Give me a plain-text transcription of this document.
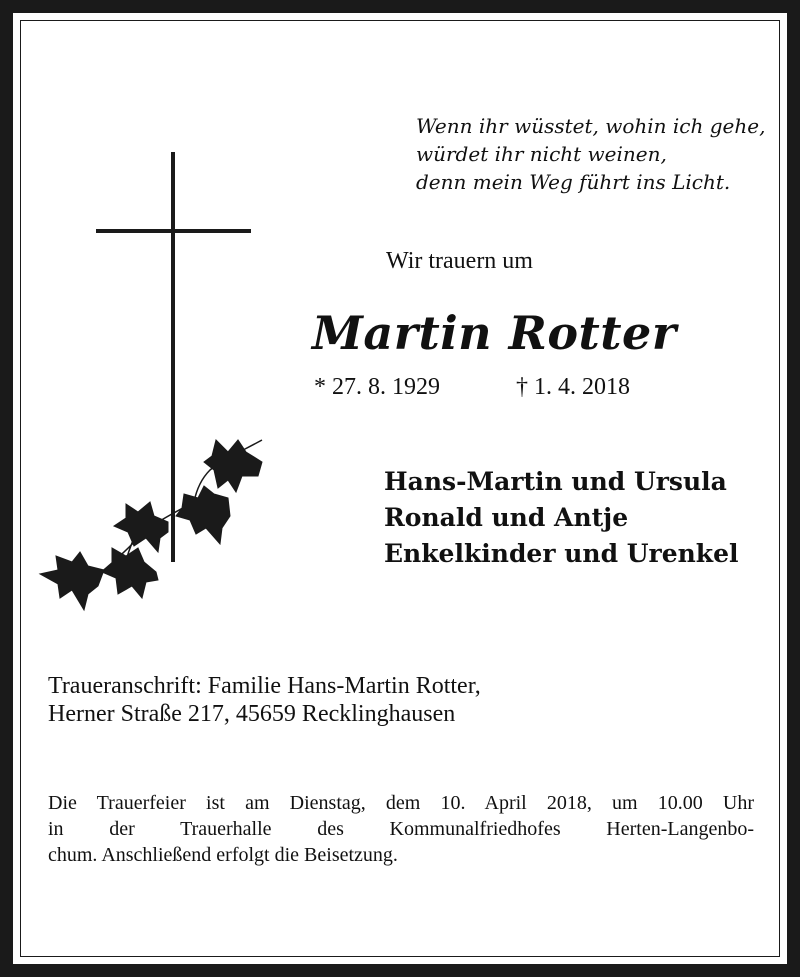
Wenn ihr wüsstet, wohin ich gehe,
würdet ihr nicht weinen,
denn mein Weg führt ins Licht.
Wir trauern um
Martin Rotter
* 27. 8. 1929	† 1. 4. 2018
Hans-Martin und Ursula
Ronald und Antje
Enkelkinder und Urenkel
Traueranschrift: Familie Hans-Martin Rotter,
Herner Straße 217, 45659 Recklinghausen
Die Trauerfeier ist am Dienstag, dem 10. April 2018, um 10.00 Uhr
in der Trauerhalle des Kommunalfriedhofes Herten-Langenbo-
chum. Anschließend erfolgt die Beisetzung.
